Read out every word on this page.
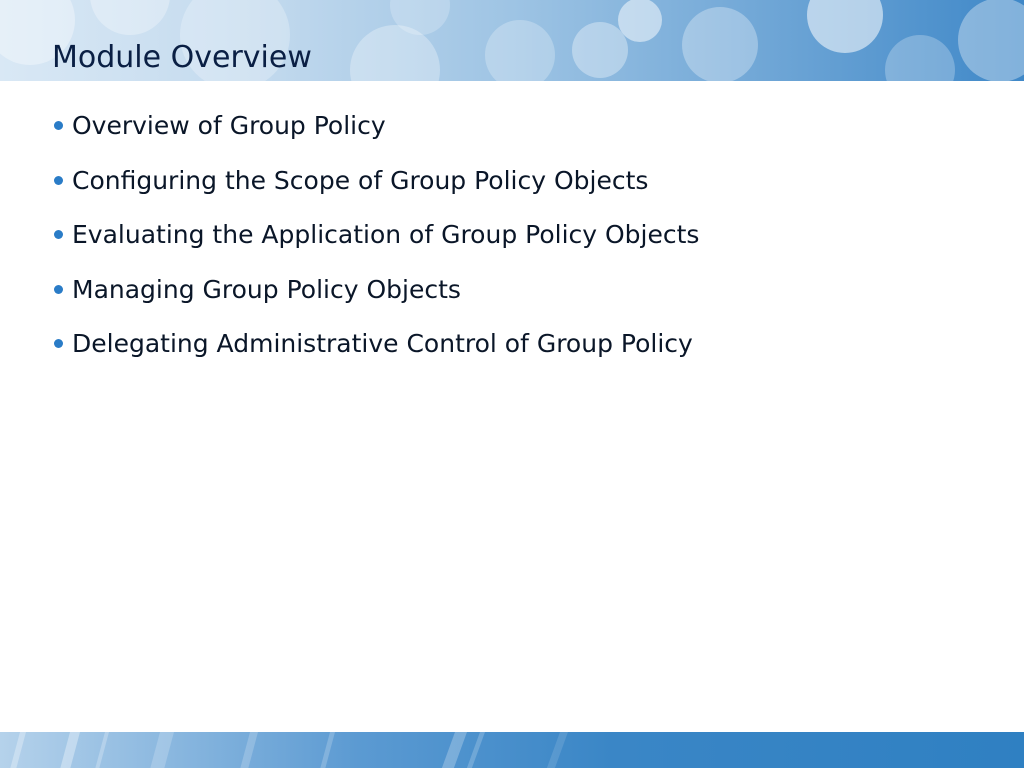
Module Overview
Overview of Group Policy
Configuring the Scope of Group Policy Objects
Evaluating the Application of Group Policy Objects
Managing Group Policy Objects
Delegating Administrative Control of Group Policy
